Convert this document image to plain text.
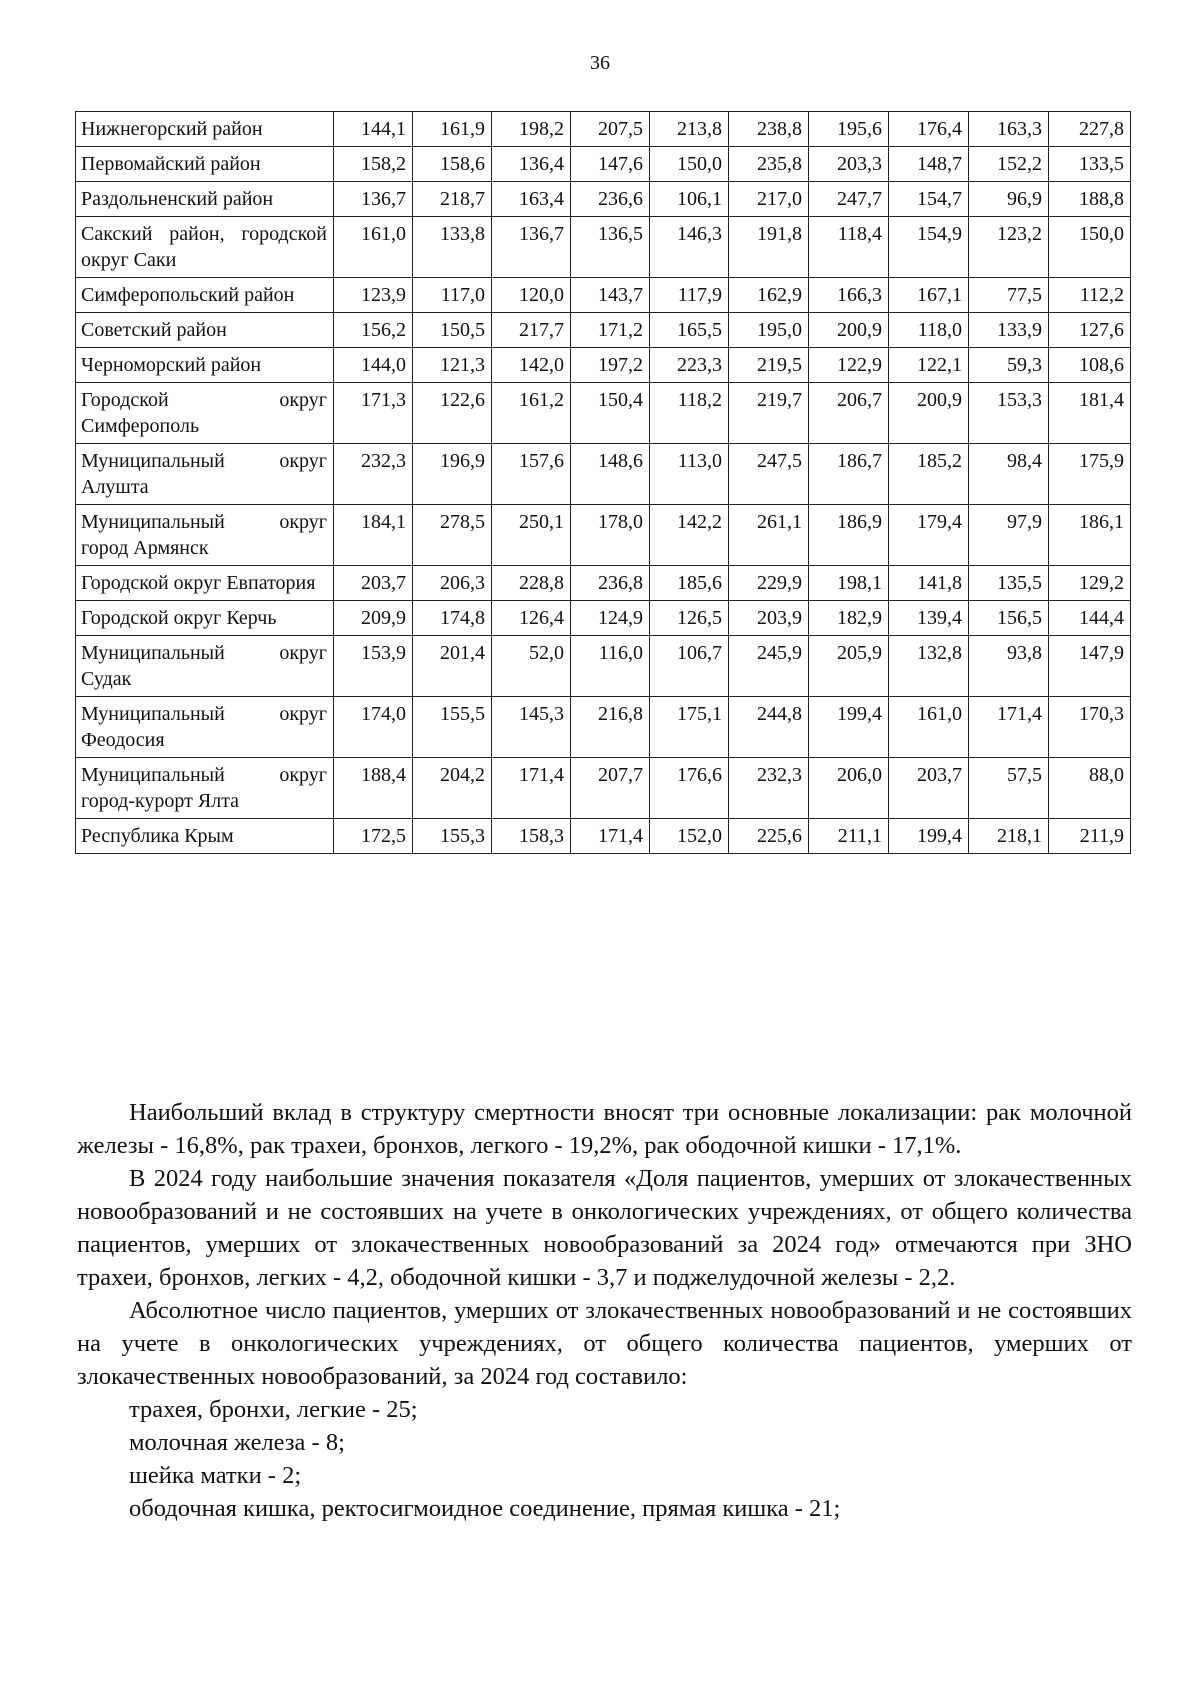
36
Нижнегорский район	144,1	161,9	198,2	207,5	213,8	238,8	195,6	176,4	163,3	227,8
Первомайский район	158,2	158,6	136,4	147,6	150,0	235,8	203,3	148,7	152,2	133,5
Раздольненский район	136,7	218,7	163,4	236,6	106,1	217,0	247,7	154,7	96,9	188,8
Сакский район, городской округ Саки	161,0	133,8	136,7	136,5	146,3	191,8	118,4	154,9	123,2	150,0
Симферопольский район	123,9	117,0	120,0	143,7	117,9	162,9	166,3	167,1	77,5	112,2
Советский район	156,2	150,5	217,7	171,2	165,5	195,0	200,9	118,0	133,9	127,6
Черноморский район	144,0	121,3	142,0	197,2	223,3	219,5	122,9	122,1	59,3	108,6
Городской округ Симферополь	171,3	122,6	161,2	150,4	118,2	219,7	206,7	200,9	153,3	181,4
Муниципальный округ Алушта	232,3	196,9	157,6	148,6	113,0	247,5	186,7	185,2	98,4	175,9
Муниципальный округ город Армянск	184,1	278,5	250,1	178,0	142,2	261,1	186,9	179,4	97,9	186,1
Городской округ Евпатория	203,7	206,3	228,8	236,8	185,6	229,9	198,1	141,8	135,5	129,2
Городской округ Керчь	209,9	174,8	126,4	124,9	126,5	203,9	182,9	139,4	156,5	144,4
Муниципальный округ Судак	153,9	201,4	52,0	116,0	106,7	245,9	205,9	132,8	93,8	147,9
Муниципальный округ Феодосия	174,0	155,5	145,3	216,8	175,1	244,8	199,4	161,0	171,4	170,3
Муниципальный округ город-курорт Ялта	188,4	204,2	171,4	207,7	176,6	232,3	206,0	203,7	57,5	88,0
Республика Крым	172,5	155,3	158,3	171,4	152,0	225,6	211,1	199,4	218,1	211,9

Наибольший вклад в структуру смертности вносят три основные локализации: рак молочной железы - 16,8%, рак трахеи, бронхов, легкого - 19,2%, рак ободочной кишки - 17,1%.

В 2024 году наибольшие значения показателя «Доля пациентов, умерших от злокачественных новообразований и не состоявших на учете в онкологических учреждениях, от общего количества пациентов, умерших от злокачественных новообразований за 2024 год» отмечаются при ЗНО трахеи, бронхов, легких - 4,2, ободочной кишки - 3,7 и поджелудочной железы - 2,2.

Абсолютное число пациентов, умерших от злокачественных новообразований и не состоявших на учете в онкологических учреждениях, от общего количества пациентов, умерших от злокачественных новообразований, за 2024 год составило:

трахея, бронхи, легкие - 25;
молочная железа - 8;
шейка матки - 2;
ободочная кишка, ректосигмоидное соединение, прямая кишка - 21;
